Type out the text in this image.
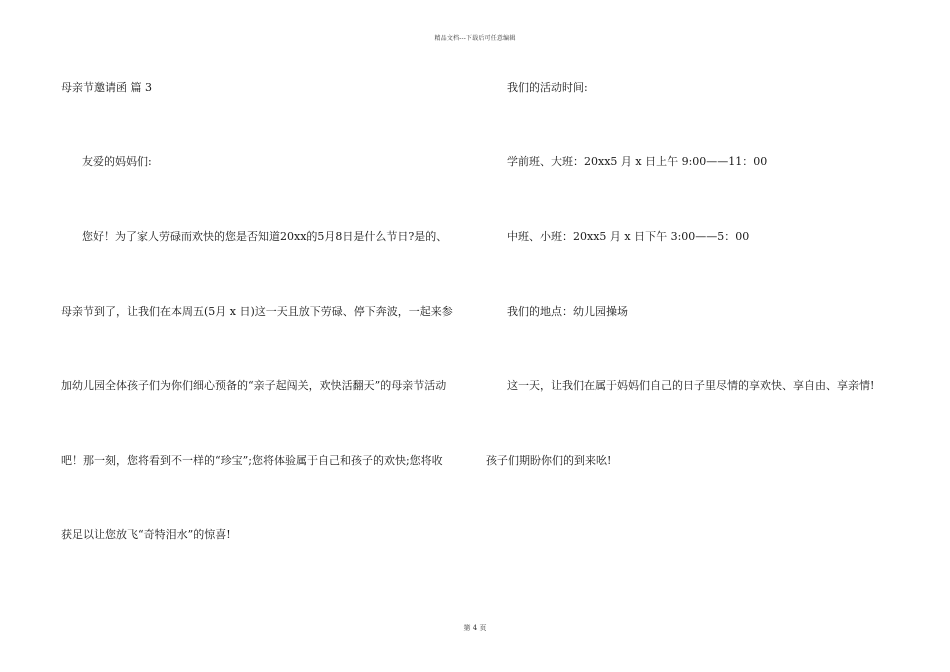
精品文档---下载后可任意编辑
母亲节邀请函 篇 3
友爱的妈妈们:
您好！为了家人劳碌而欢快的您是否知道20xx的5月8日是什么节日?是的、
母亲节到了，让我们在本周五(5月 x 日)这一天且放下劳碌、停下奔波，一起来参
加幼儿园全体孩子们为你们细心预备的“亲子起闯关，欢快活翻天”的母亲节活动
吧！那一刻，您将看到不一样的“珍宝”;您将体验属于自己和孩子的欢快;您将收
获足以让您放飞“奇特泪水”的惊喜!
我们的活动时间:
学前班、大班：20xx5 月 x 日上午 9:00——11：00
中班、小班：20xx5 月 x 日下午 3:00——5：00
我们的地点：幼儿园操场
这一天，让我们在属于妈妈们自己的日子里尽情的享欢快、享自由、享亲情!
孩子们期盼你们的到来吆!
第 4 页
